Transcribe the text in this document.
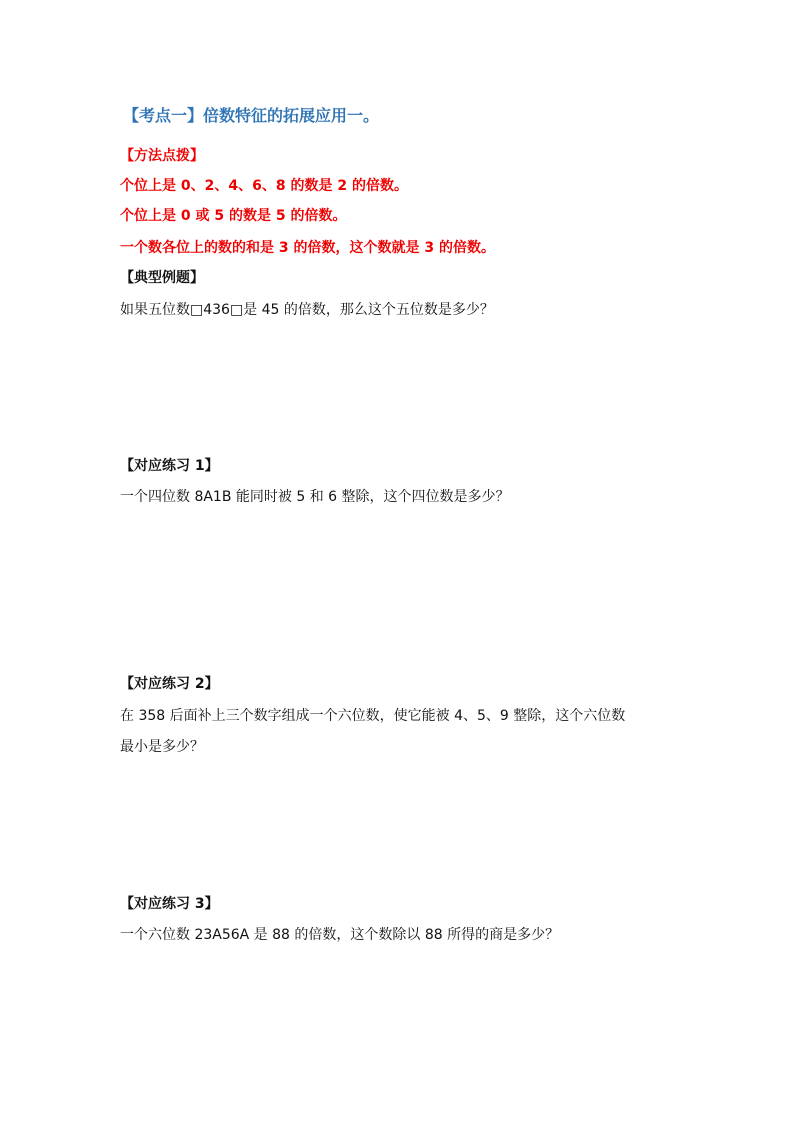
【考点一】倍数特征的拓展应用一。
【方法点拨】
个位上是 0、2、4、6、8 的数是 2 的倍数。
个位上是 0 或 5 的数是 5 的倍数。
一个数各位上的数的和是 3 的倍数，这个数就是 3 的倍数。
【典型例题】
如果五位数□436□是 45 的倍数，那么这个五位数是多少？
【对应练习 1】
一个四位数 8A1B 能同时被 5 和 6 整除，这个四位数是多少？
【对应练习 2】
在 358 后面补上三个数字组成一个六位数，使它能被 4、5、9 整除，这个六位数
最小是多少？
【对应练习 3】
一个六位数 23A56A 是 88 的倍数，这个数除以 88 所得的商是多少？
